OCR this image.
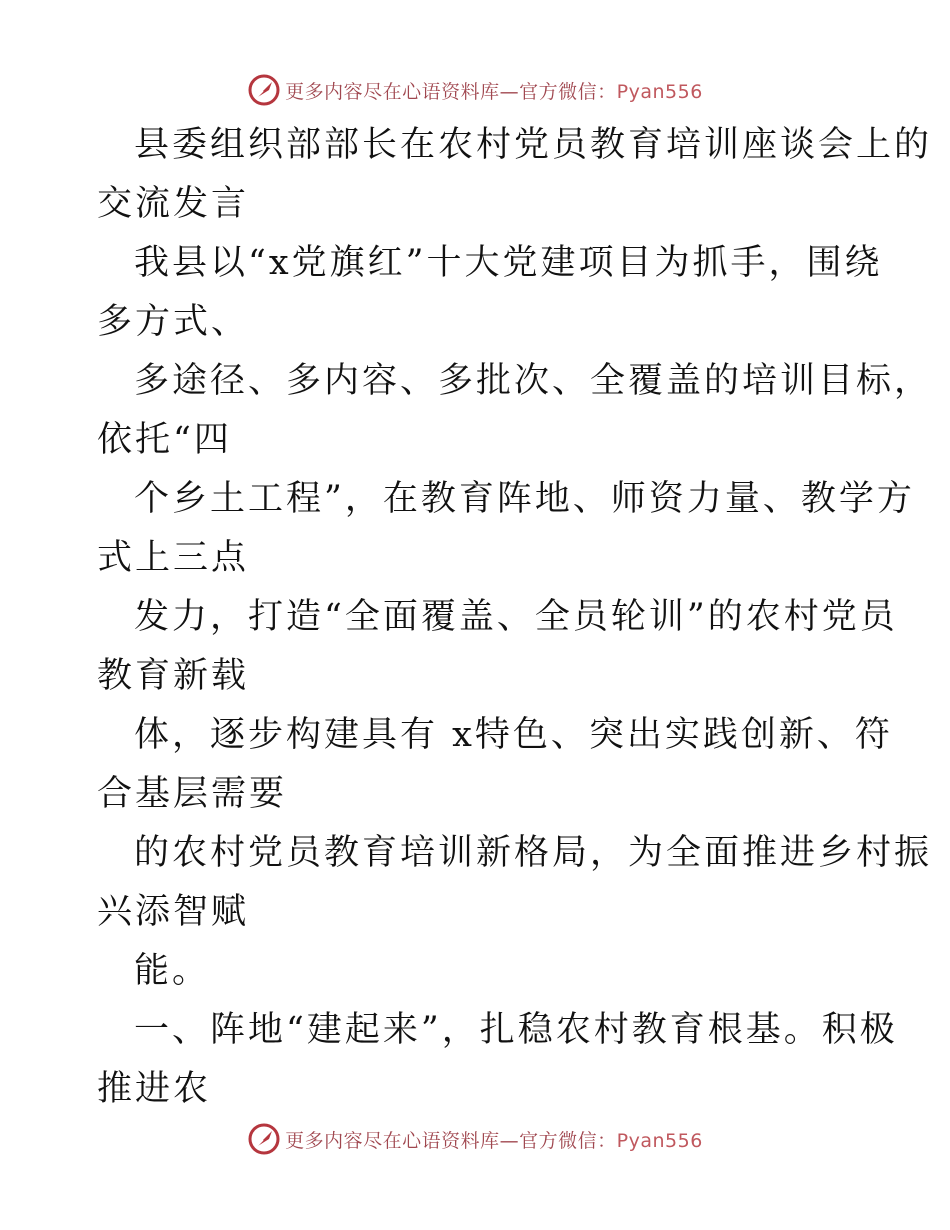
更多内容尽在心语资料库—官方微信：Pyan556
县委组织部部长在农村党员教育培训座谈会上的
交流发言
我县以“x党旗红”十大党建项目为抓手，围绕
多方式、
多途径、多内容、多批次、全覆盖的培训目标，
依托“四
个乡土工程”，在教育阵地、师资力量、教学方
式上三点
发力，打造“全面覆盖、全员轮训”的农村党员
教育新载
体，逐步构建具有 x特色、突出实践创新、符
合基层需要
的农村党员教育培训新格局，为全面推进乡村振
兴添智赋
能。
一、阵地“建起来”，扎稳农村教育根基。积极
推进农
更多内容尽在心语资料库—官方微信：Pyan556
